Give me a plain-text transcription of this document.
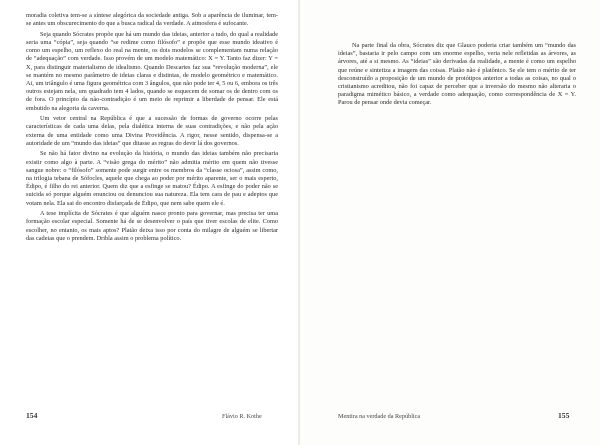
moradia coletiva tem-se a síntese alegórica da sociedade antiga. Sob a aparência de iluminar, tem-se antes um obscurecimento do que a busca radical da verdade. A atmosfera é sufocante.

Seja quando Sócrates propõe que há um mundo das ideias, anterior a tudo, do qual a realidade seria uma “cópia”, seja quando “se redime como filósofo” e propõe que esse mundo ideativo é como um espelho, um reflexo do real na mente, os dois modelos se complementam numa relação de “adequação” com verdade. Isso provém de um modelo matemático: X = Y. Tanto faz dizer: Y = X, para distinguir materialismo de idealismo. Quando Descartes faz sua “revolução moderna”, ele se mantém no mesmo parâmetro de ideias claras e distintas, de modelo geométrico e matemático. Ai, um triângulo é uma figura geométrica com 3 ângulos, que não pode ter 4, 5 ou 6, embora os três outros estejam nela, um quadrado tem 4 lados, quando se esquecem de somar os de dentro com os de fora. O princípio da não-contradição é um meio de reprimir a liberdade de pensar. Ele está embutido na alegoria da caverna.

Um vetor central na República é que a sucessão de formas de governo ocorre pelas características de cada uma delas, pela dialética interna de suas contradições, e não pela ação externa de uma entidade como uma Divina Providência. A rigor, nesse sentido, dispensa-se a autoridade de um “mundo das ideias” que ditasse as regras do devir lá dos governos.

Se não há fator divino na evolução da história, o mundo das ideias também não precisaria existir como algo à parte. A “visão grega do mérito” não admitia mérito em quem não tivesse sangue nobre: o “filósofo” somente pode surgir entre os membros da “classe ociosa”, assim como, na trilogia tebana de Sófocles, aquele que chega ao poder por mérito aparente, ser o mais esperto, Édipo, é filho do rei anterior. Quem diz que a esfinge se matou? Édipo. A esfinge do poder não se suicida só porque alguém enunciou ou denunciou sua natureza. Ela tem cara de pau e adeptos que votam nela. Ela sai do encontro disfarçada de Édipo, que nem sabe quem ele é.

A tese implícita de Sócrates é que alguém nasce pronto para governar, mas precisa ter uma formação escolar especial. Somente há de se desenvolver o país que tiver escolas de elite. Como escolher, no entanto, os mais aptos? Platão deixa isso por conta do milagre de alguém se libertar das cadeias que o prendem. Dribla assim o problema político.

154	Flávio R. Kothe

Na parte final da obra, Sócrates diz que Glauco poderia criar também um “mundo das ideias”, bastaria ir pelo campo com um enorme espelho, veria nele refletidas as árvores, as árvores, até a si mesmo. As “ideias” são derivadas da realidade, a mente é como um espelho que reúne e sintetiza a imagem das coisas. Platão não é platônico. Se ele tem o mérito de ter desconstruído a proposição de um mundo de protótipos anterior a todas as coisas, no qual o cristianismo acreditou, não foi capaz de perceber que a inversão do mesmo não alteraria o paradigma mimético básico, a verdade como adequação, como correspondência de X = Y. Parou de pensar onde devia começar.

Mentira na verdade da República	155
